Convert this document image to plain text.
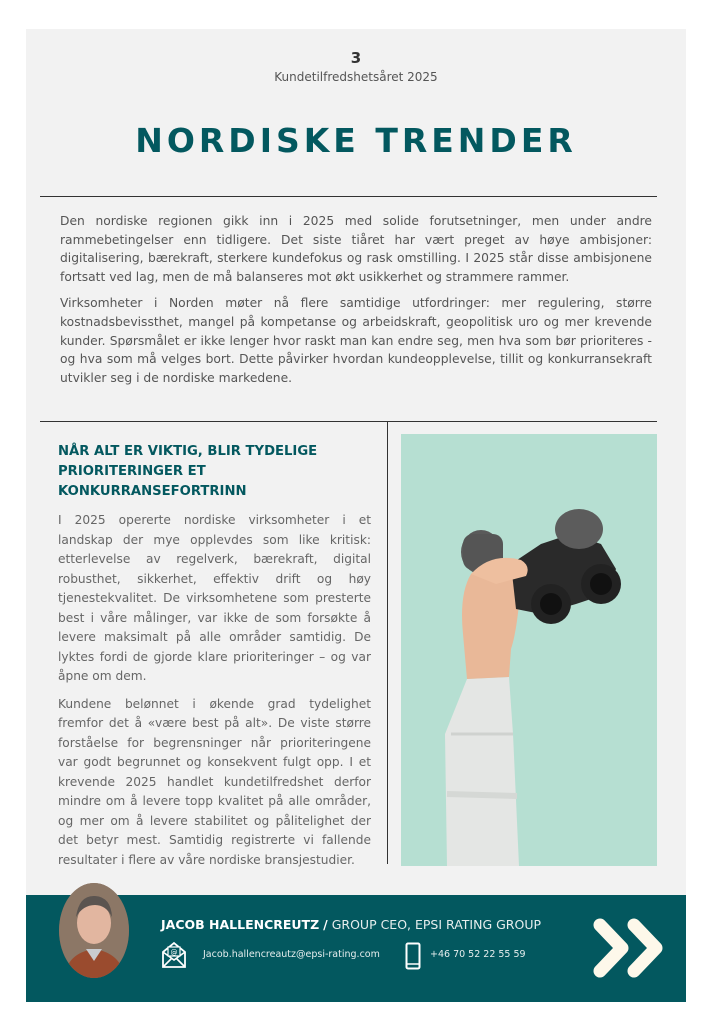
3
Kundetilfredshetsåret 2025
NORDISKE TRENDER

Den nordiske regionen gikk inn i 2025 med solide forutsetninger, men under andre rammebetingelser enn tidligere. Det siste tiåret har vært preget av høye ambisjoner: digitalisering, bærekraft, sterkere kundefokus og rask omstilling. I 2025 står disse ambisjonene fortsatt ved lag, men de må balanseres mot økt usikkerhet og strammere rammer.

Virksomheter i Norden møter nå flere samtidige utfordringer: mer regulering, større kostnadsbevissthet, mangel på kompetanse og arbeidskraft, geopolitisk uro og mer krevende kunder. Spørsmålet er ikke lenger hvor raskt man kan endre seg, men hva som bør prioriteres - og hva som må velges bort. Dette påvirker hvordan kundeopplevelse, tillit og konkurransekraft utvikler seg i de nordiske markedene.

NÅR ALT ER VIKTIG, BLIR TYDELIGE PRIORITERINGER ET KONKURRANSEFORTRINN

I 2025 opererte nordiske virksomheter i et landskap der mye opplevdes som like kritisk: etterlevelse av regelverk, bærekraft, digital robusthet, sikkerhet, effektiv drift og høy tjenestekvalitet. De virksomhetene som presterte best i våre målinger, var ikke de som forsøkte å levere maksimalt på alle områder samtidig. De lyktes fordi de gjorde klare prioriteringer – og var åpne om dem.

Kundene belønnet i økende grad tydelighet fremfor det å «være best på alt». De viste større forståelse for begrensninger når prioriteringene var godt begrunnet og konsekvent fulgt opp. I et krevende 2025 handlet kundetilfredshet derfor mindre om å levere topp kvalitet på alle områder, og mer om å levere stabilitet og pålitelighet der det betyr mest. Samtidig registrerte vi fallende resultater i flere av våre nordiske bransjestudier.

JACOB HALLENCREUTZ / GROUP CEO, EPSI RATING GROUP
@	Jacob.hallencreautz@epsi-rating.com	+46 70 52 22 55 59
